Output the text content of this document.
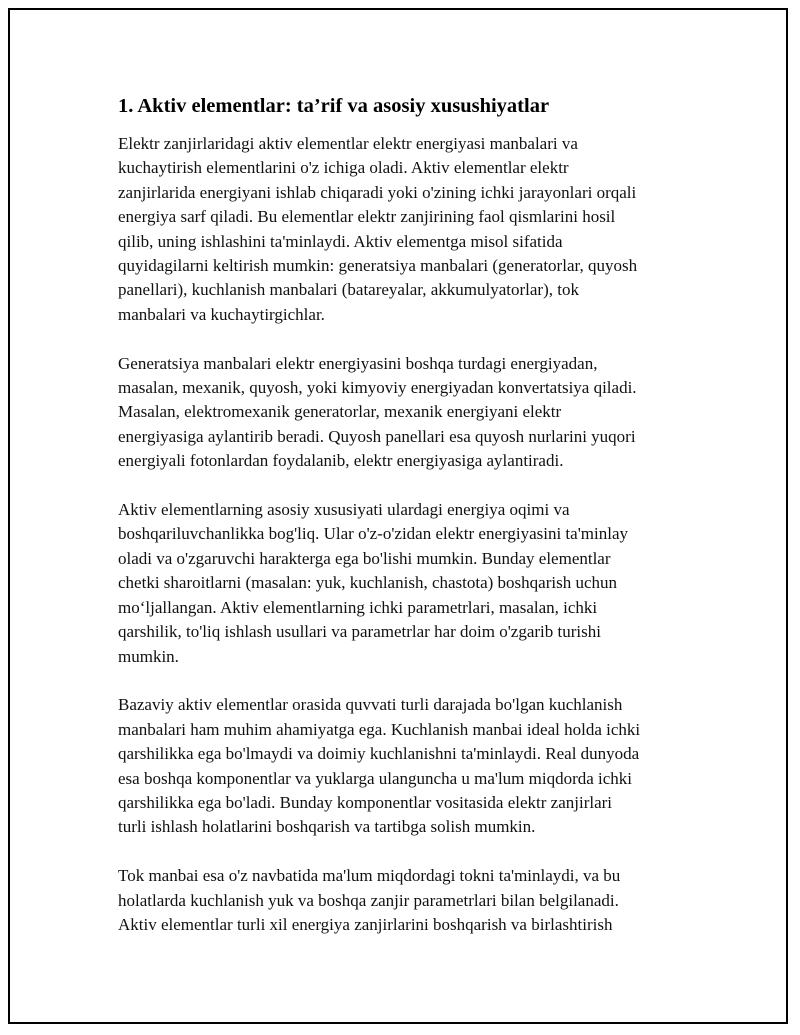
1. Aktiv elementlar: ta’rif va asosiy xusushiyatlar

Elektr zanjirlaridagi aktiv elementlar elektr energiyasi manbalari va
kuchaytirish elementlarini o'z ichiga oladi. Aktiv elementlar elektr
zanjirlarida energiyani ishlab chiqaradi yoki o'zining ichki jarayonlari orqali
energiya sarf qiladi. Bu elementlar elektr zanjirining faol qismlarini hosil
qilib, uning ishlashini ta'minlaydi. Aktiv elementga misol sifatida
quyidagilarni keltirish mumkin: generatsiya manbalari (generatorlar, quyosh
panellari), kuchlanish manbalari (batareyalar, akkumulyatorlar), tok
manbalari va kuchaytirgichlar.

Generatsiya manbalari elektr energiyasini boshqa turdagi energiyadan,
masalan, mexanik, quyosh, yoki kimyoviy energiyadan konvertatsiya qiladi.
Masalan, elektromexanik generatorlar, mexanik energiyani elektr
energiyasiga aylantirib beradi. Quyosh panellari esa quyosh nurlarini yuqori
energiyali fotonlardan foydalanib, elektr energiyasiga aylantiradi.

Aktiv elementlarning asosiy xususiyati ulardagi energiya oqimi va
boshqariluvchanlikka bog'liq. Ular o'z-o'zidan elektr energiyasini ta'minlay
oladi va o'zgaruvchi harakterga ega bo'lishi mumkin. Bunday elementlar
chetki sharoitlarni (masalan: yuk, kuchlanish, chastota) boshqarish uchun
mo‘ljallangan. Aktiv elementlarning ichki parametrlari, masalan, ichki
qarshilik, to'liq ishlash usullari va parametrlar har doim o'zgarib turishi
mumkin.

Bazaviy aktiv elementlar orasida quvvati turli darajada bo'lgan kuchlanish
manbalari ham muhim ahamiyatga ega. Kuchlanish manbai ideal holda ichki
qarshilikka ega bo'lmaydi va doimiy kuchlanishni ta'minlaydi. Real dunyoda
esa boshqa komponentlar va yuklarga ulanguncha u ma'lum miqdorda ichki
qarshilikka ega bo'ladi. Bunday komponentlar vositasida elektr zanjirlari
turli ishlash holatlarini boshqarish va tartibga solish mumkin.

Tok manbai esa o'z navbatida ma'lum miqdordagi tokni ta'minlaydi, va bu
holatlarda kuchlanish yuk va boshqa zanjir parametrlari bilan belgilanadi.
Aktiv elementlar turli xil energiya zanjirlarini boshqarish va birlashtirish
